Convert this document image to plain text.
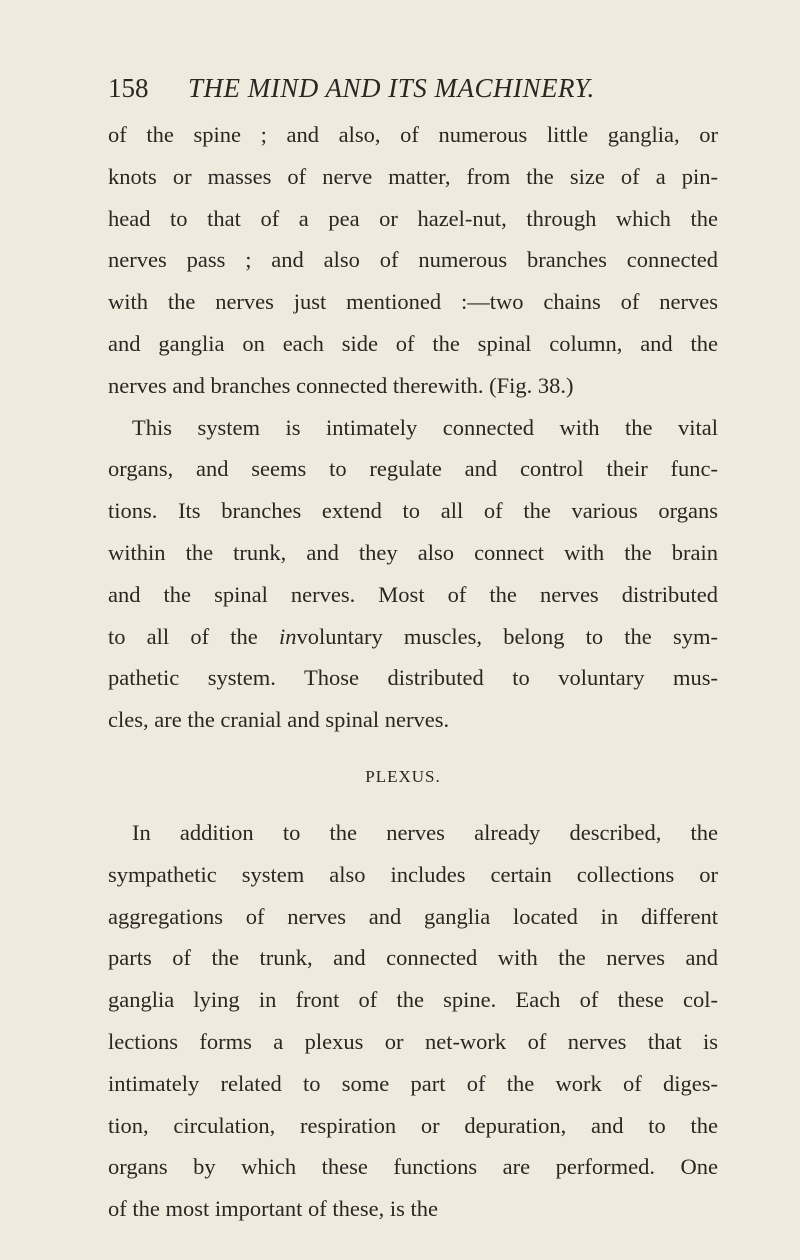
158 THE MIND AND ITS MACHINERY.
of the spine ; and also, of numerous little ganglia, or
knots or masses of nerve matter, from the size of a pin-
head to that of a pea or hazel-nut, through which the
nerves pass ; and also of numerous branches connected
with the nerves just mentioned :—two chains of nerves
and ganglia on each side of the spinal column, and the
nerves and branches connected therewith. (Fig. 38.)
This system is intimately connected with the vital
organs, and seems to regulate and control their func-
tions. Its branches extend to all of the various organs
within the trunk, and they also connect with the brain
and the spinal nerves. Most of the nerves distributed
to all of the involuntary muscles, belong to the sym-
pathetic system. Those distributed to voluntary mus-
cles, are the cranial and spinal nerves.
PLEXUS.
In addition to the nerves already described, the
sympathetic system also includes certain collections or
aggregations of nerves and ganglia located in different
parts of the trunk, and connected with the nerves and
ganglia lying in front of the spine. Each of these col-
lections forms a plexus or net-work of nerves that is
intimately related to some part of the work of diges-
tion, circulation, respiration or depuration, and to the
organs by which these functions are performed. One
of the most important of these, is the
